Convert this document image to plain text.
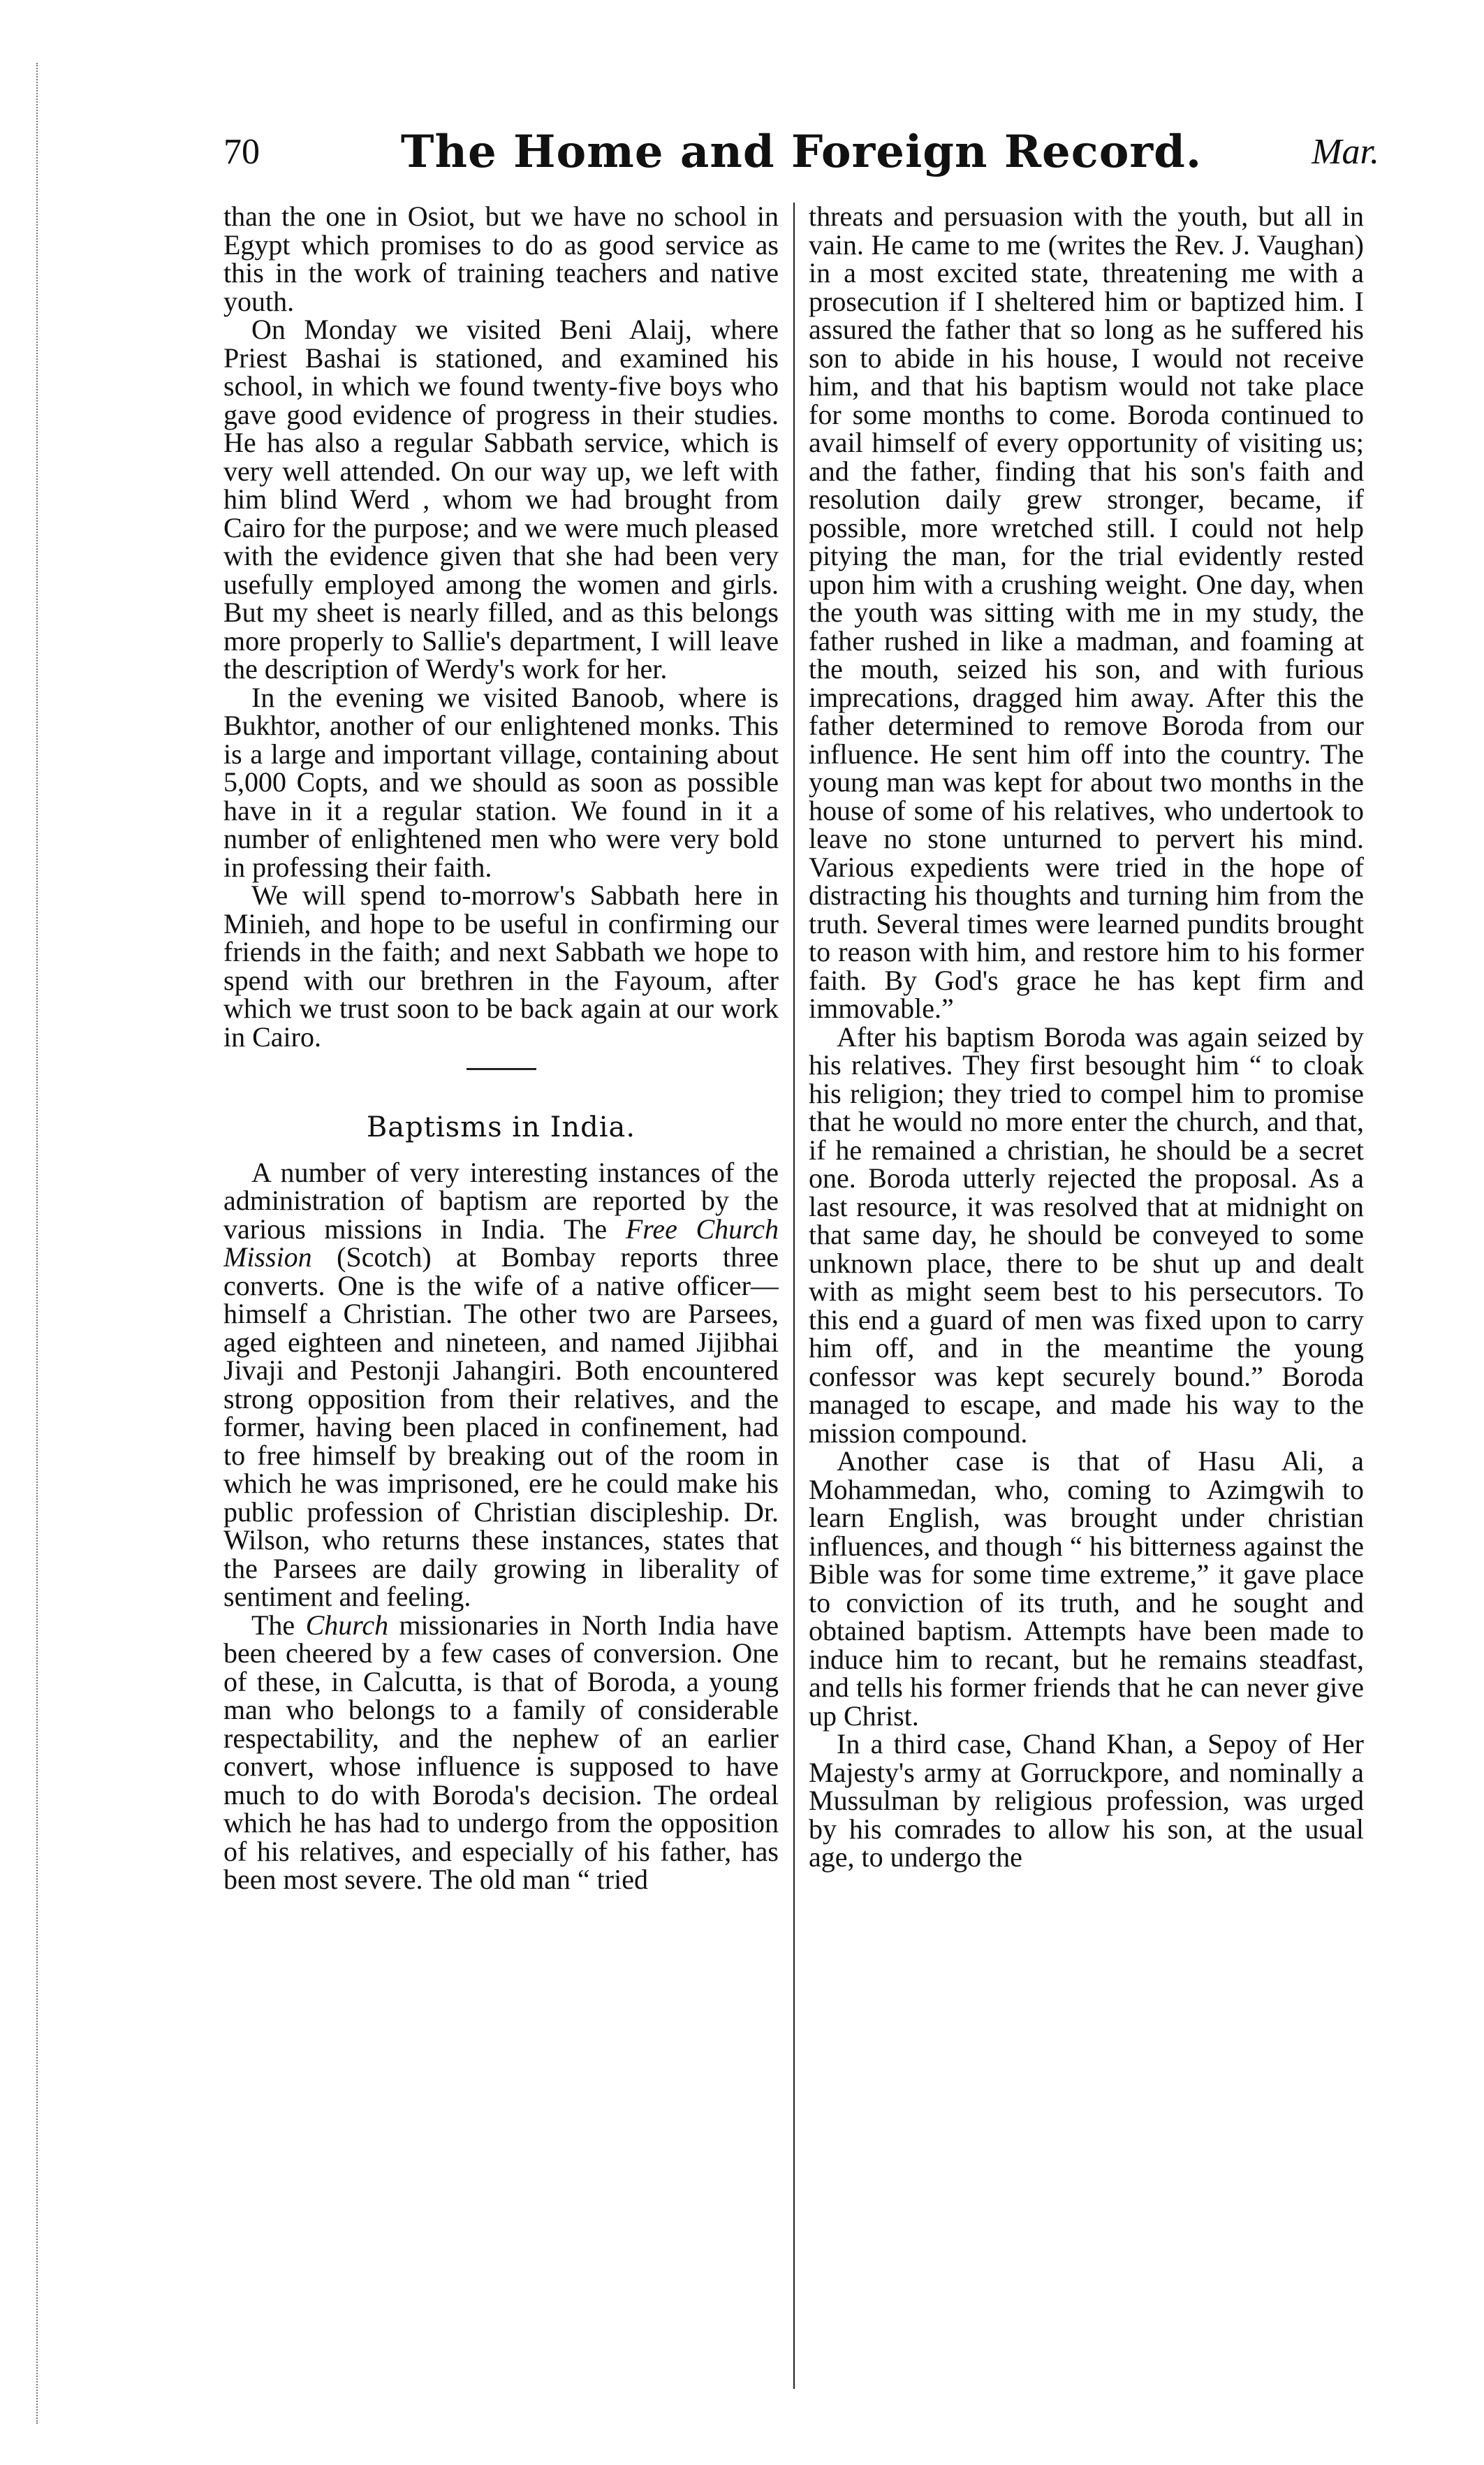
70	The Home and Foreign Record.	Mar.

than the one in Osiot, but we have no school in Egypt which promises to do as good service as this in the work of training teachers and native youth.

On Monday we visited Beni Alaij, where Priest Bashai is stationed, and examined his school, in which we found twenty-five boys who gave good evidence of progress in their studies. He has also a regular Sabbath service, which is very well attended. On our way up, we left with him blind Werd , whom we had brought from Cairo for the purpose; and we were much pleased with the evidence given that she had been very usefully employed among the women and girls. But my sheet is nearly filled, and as this belongs more properly to Sallie's department, I will leave the description of Werdy's work for her.

In the evening we visited Banoob, where is Bukhtor, another of our enlightened monks. This is a large and important village, containing about 5,000 Copts, and we should as soon as possible have in it a regular station. We found in it a number of enlightened men who were very bold in professing their faith.

We will spend to-morrow's Sabbath here in Minieh, and hope to be useful in confirming our friends in the faith; and next Sabbath we hope to spend with our brethren in the Fayoum, after which we trust soon to be back again at our work in Cairo.

Baptisms in India.

A number of very interesting instances of the administration of baptism are reported by the various missions in India. The Free Church Mission (Scotch) at Bombay reports three converts. One is the wife of a native officer—himself a Christian. The other two are Parsees, aged eighteen and nineteen, and named Jijibhai Jivaji and Pestonji Jahangiri. Both encountered strong opposition from their relatives, and the former, having been placed in confinement, had to free himself by breaking out of the room in which he was imprisoned, ere he could make his public profession of Christian discipleship. Dr. Wilson, who returns these instances, states that the Parsees are daily growing in liberality of sentiment and feeling.

The Church missionaries in North India have been cheered by a few cases of conversion. One of these, in Calcutta, is that of Boroda, a young man who belongs to a family of considerable respectability, and the nephew of an earlier convert, whose influence is supposed to have much to do with Boroda's decision. The ordeal which he has had to undergo from the opposition of his relatives, and especially of his father, has been most severe. The old man “ tried

threats and persuasion with the youth, but all in vain. He came to me (writes the Rev. J. Vaughan) in a most excited state, threatening me with a prosecution if I sheltered him or baptized him. I assured the father that so long as he suffered his son to abide in his house, I would not receive him, and that his baptism would not take place for some months to come. Boroda continued to avail himself of every opportunity of visiting us; and the father, finding that his son's faith and resolution daily grew stronger, became, if possible, more wretched still. I could not help pitying the man, for the trial evidently rested upon him with a crushing weight. One day, when the youth was sitting with me in my study, the father rushed in like a madman, and foaming at the mouth, seized his son, and with furious imprecations, dragged him away. After this the father determined to remove Boroda from our influence. He sent him off into the country. The young man was kept for about two months in the house of some of his relatives, who undertook to leave no stone unturned to pervert his mind. Various expedients were tried in the hope of distracting his thoughts and turning him from the truth. Several times were learned pundits brought to reason with him, and restore him to his former faith. By God's grace he has kept firm and immovable.”

After his baptism Boroda was again seized by his relatives. They first besought him “ to cloak his religion; they tried to compel him to promise that he would no more enter the church, and that, if he remained a christian, he should be a secret one. Boroda utterly rejected the proposal. As a last resource, it was resolved that at midnight on that same day, he should be conveyed to some unknown place, there to be shut up and dealt with as might seem best to his persecutors. To this end a guard of men was fixed upon to carry him off, and in the meantime the young confessor was kept securely bound.” Boroda managed to escape, and made his way to the mission compound.

Another case is that of Hasu Ali, a Mohammedan, who, coming to Azimgwih to learn English, was brought under christian influences, and though “ his bitterness against the Bible was for some time extreme,” it gave place to conviction of its truth, and he sought and obtained baptism. Attempts have been made to induce him to recant, but he remains steadfast, and tells his former friends that he can never give up Christ.

In a third case, Chand Khan, a Sepoy of Her Majesty's army at Gorruckpore, and nominally a Mussulman by religious profession, was urged by his comrades to allow his son, at the usual age, to undergo the
